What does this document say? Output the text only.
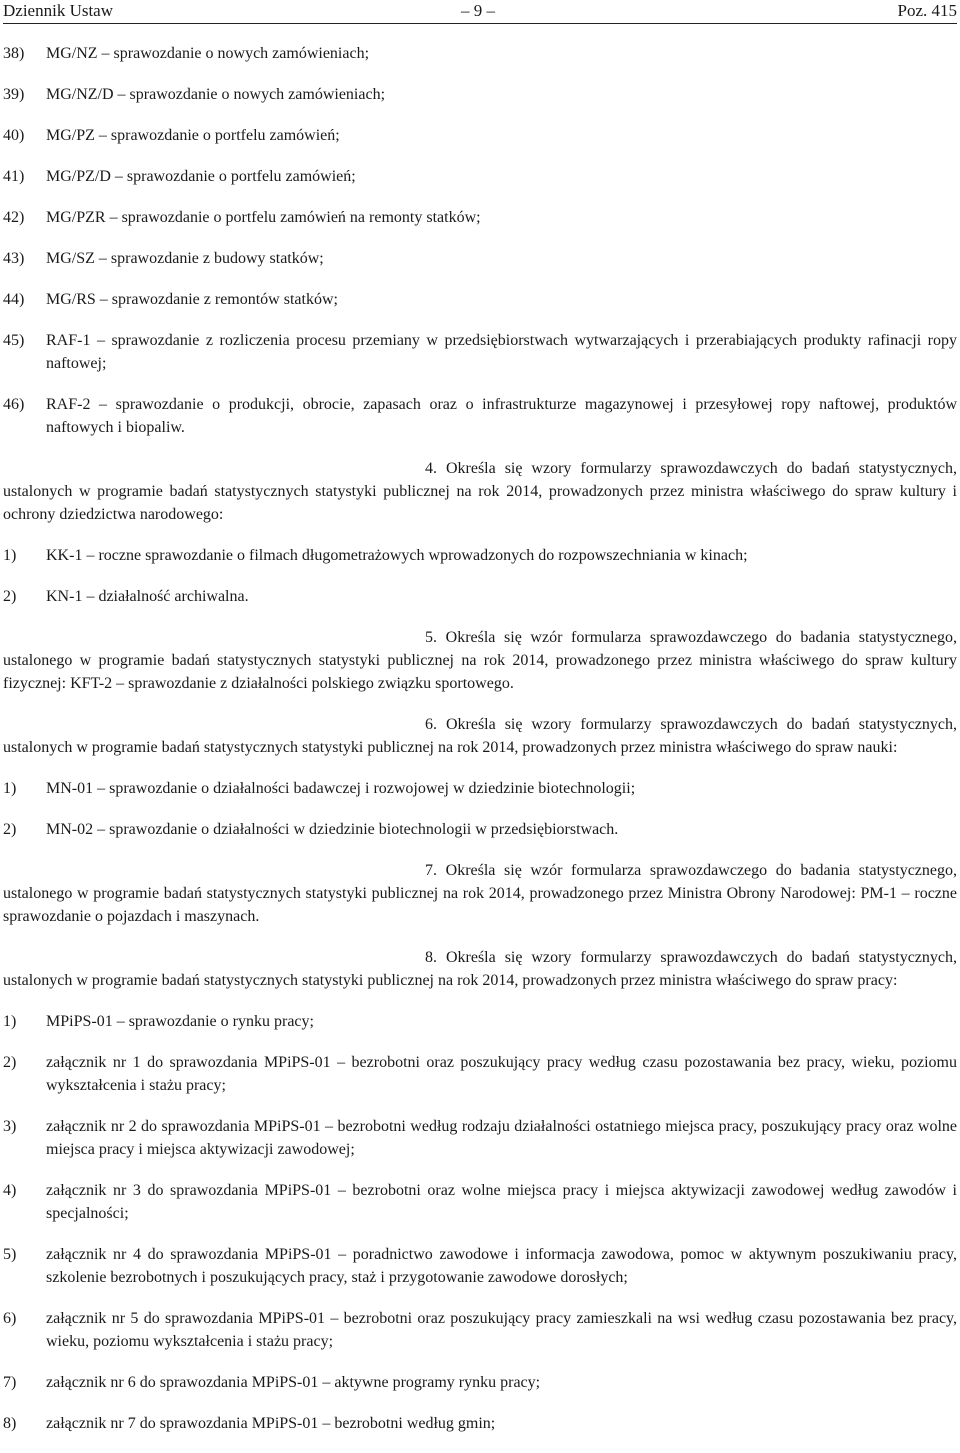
Dziennik Ustaw	– 9 –	Poz. 415
38)	MG/NZ – sprawozdanie o nowych zamówieniach;
39)	MG/NZ/D – sprawozdanie o nowych zamówieniach;
40)	MG/PZ – sprawozdanie o portfelu zamówień;
41)	MG/PZ/D – sprawozdanie o portfelu zamówień;
42)	MG/PZR – sprawozdanie o portfelu zamówień na remonty statków;
43)	MG/SZ – sprawozdanie z budowy statków;
44)	MG/RS – sprawozdanie z remontów statków;
45)	RAF-1 – sprawozdanie z rozliczenia procesu przemiany w przedsiębiorstwach wytwarzających i przerabiających produkty rafinacji ropy naftowej;
46)	RAF-2 – sprawozdanie o produkcji, obrocie, zapasach oraz o infrastrukturze magazynowej i przesyłowej ropy naftowej, produktów naftowych i biopaliw.
4. Określa się wzory formularzy sprawozdawczych do badań statystycznych, ustalonych w programie badań statystycznych statystyki publicznej na rok 2014, prowadzonych przez ministra właściwego do spraw kultury i ochrony dziedzictwa narodowego:
1)	KK-1 – roczne sprawozdanie o filmach długometrażowych wprowadzonych do rozpowszechniania w kinach;
2)	KN-1 – działalność archiwalna.
5. Określa się wzór formularza sprawozdawczego do badania statystycznego, ustalonego w programie badań statystycznych statystyki publicznej na rok 2014, prowadzonego przez ministra właściwego do spraw kultury fizycznej: KFT-2 – sprawozdanie z działalności polskiego związku sportowego.
6. Określa się wzory formularzy sprawozdawczych do badań statystycznych, ustalonych w programie badań statystycznych statystyki publicznej na rok 2014, prowadzonych przez ministra właściwego do spraw nauki:
1)	MN-01 – sprawozdanie o działalności badawczej i rozwojowej w dziedzinie biotechnologii;
2)	MN-02 – sprawozdanie o działalności w dziedzinie biotechnologii w przedsiębiorstwach.
7. Określa się wzór formularza sprawozdawczego do badania statystycznego, ustalonego w programie badań statystycznych statystyki publicznej na rok 2014, prowadzonego przez Ministra Obrony Narodowej: PM-1 – roczne sprawozdanie o pojazdach i maszynach.
8. Określa się wzory formularzy sprawozdawczych do badań statystycznych, ustalonych w programie badań statystycznych statystyki publicznej na rok 2014, prowadzonych przez ministra właściwego do spraw pracy:
1)	MPiPS-01 – sprawozdanie o rynku pracy;
2)	załącznik nr 1 do sprawozdania MPiPS-01 – bezrobotni oraz poszukujący pracy według czasu pozostawania bez pracy, wieku, poziomu wykształcenia i stażu pracy;
3)	załącznik nr 2 do sprawozdania MPiPS-01 – bezrobotni według rodzaju działalności ostatniego miejsca pracy, poszukujący pracy oraz wolne miejsca pracy i miejsca aktywizacji zawodowej;
4)	załącznik nr 3 do sprawozdania MPiPS-01 – bezrobotni oraz wolne miejsca pracy i miejsca aktywizacji zawodowej według zawodów i specjalności;
5)	załącznik nr 4 do sprawozdania MPiPS-01 – poradnictwo zawodowe i informacja zawodowa, pomoc w aktywnym poszukiwaniu pracy, szkolenie bezrobotnych i poszukujących pracy, staż i przygotowanie zawodowe dorosłych;
6)	załącznik nr 5 do sprawozdania MPiPS-01 – bezrobotni oraz poszukujący pracy zamieszkali na wsi według czasu pozostawania bez pracy, wieku, poziomu wykształcenia i stażu pracy;
7)	załącznik nr 6 do sprawozdania MPiPS-01 – aktywne programy rynku pracy;
8)	załącznik nr 7 do sprawozdania MPiPS-01 – bezrobotni według gmin;
